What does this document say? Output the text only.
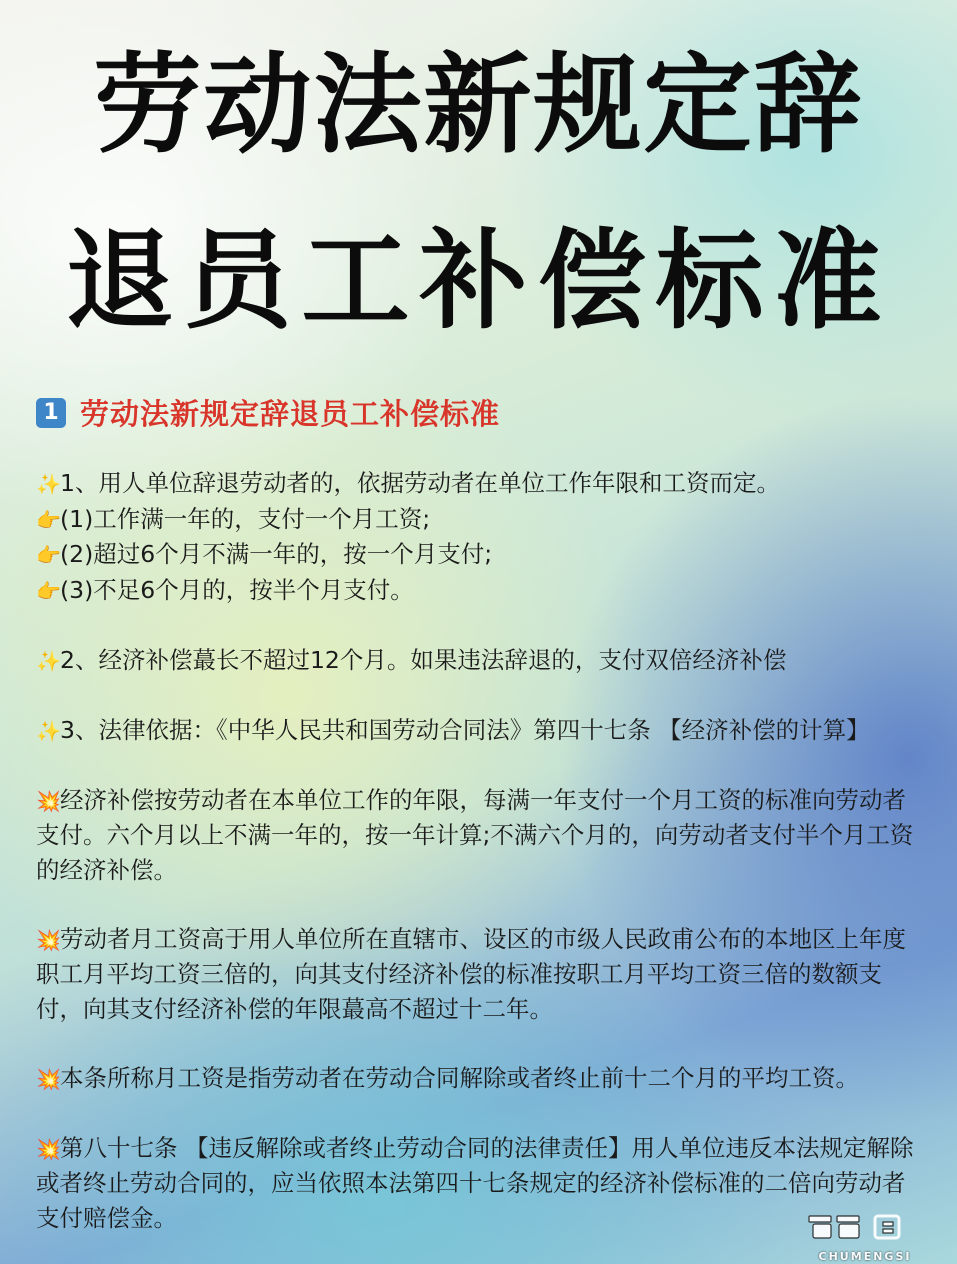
劳动法新规定辞
退员工补偿标准
1 劳动法新规定辞退员工补偿标准

✨1、用人单位辞退劳动者的，依据劳动者在单位工作年限和工资而定。

👉(1)工作满一年的，支付一个月工资;

👉(2)超过6个月不满一年的，按一个月支付;

👉(3)不足6个月的，按半个月支付。

✨2、经济补偿蕞长不超过12个月。如果违法辞退的，支付双倍经济补偿

✨3、法律依据：《中华人民共和国劳动合同法》第四十七条 【经济补偿的计算】

💥经济补偿按劳动者在本单位工作的年限，每满一年支付一个月工资的标准向劳动者支付。六个月以上不满一年的，按一年计算;不满六个月的，向劳动者支付半个月工资的经济补偿。

💥劳动者月工资高于用人单位所在直辖市、设区的市级人民政甫公布的本地区上年度职工月平均工资三倍的，向其支付经济补偿的标准按职工月平均工资三倍的数额支付，向其支付经济补偿的年限蕞高不超过十二年。

💥本条所称月工资是指劳动者在劳动合同解除或者终止前十二个月的平均工资。

💥第八十七条 【违反解除或者终止劳动合同的法律责任】用人单位违反本法规定解除或者终止劳动合同的，应当依照本法第四十七条规定的经济补偿标准的二倍向劳动者支付赔偿金。

CHUMENGSI
